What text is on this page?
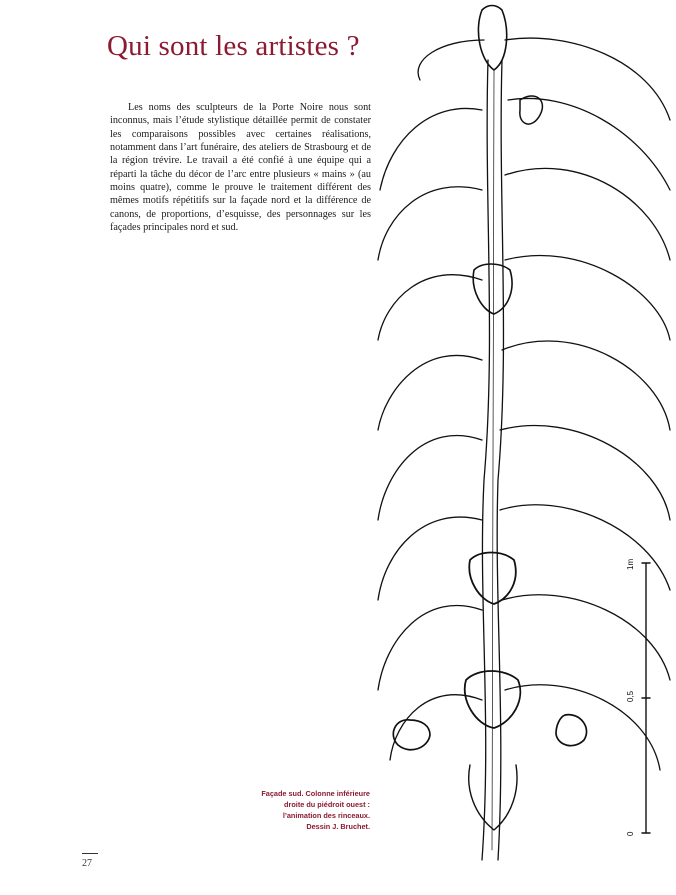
Qui sont les artistes ?

Les noms des sculpteurs de la Porte Noire nous sont inconnus, mais l’étude stylistique détaillée permit de constater les comparaisons possibles avec certaines réalisations, notamment dans l’art funéraire, des ateliers de Strasbourg et de la région trévire. Le travail a été confié à une équipe qui a réparti la tâche du décor de l’arc entre plusieurs « mains » (au moins quatre), comme le prouve le traitement différent des mêmes motifs répétitifs sur la façade nord et la différence de canons, de proportions, d’esquisse, des personnages sur les façades principales nord et sud.

Façade sud. Colonne inférieure
droite du piédroit ouest :
l’animation des rinceaux.
Dessin J. Bruchet.

27

1m
0,5
0
